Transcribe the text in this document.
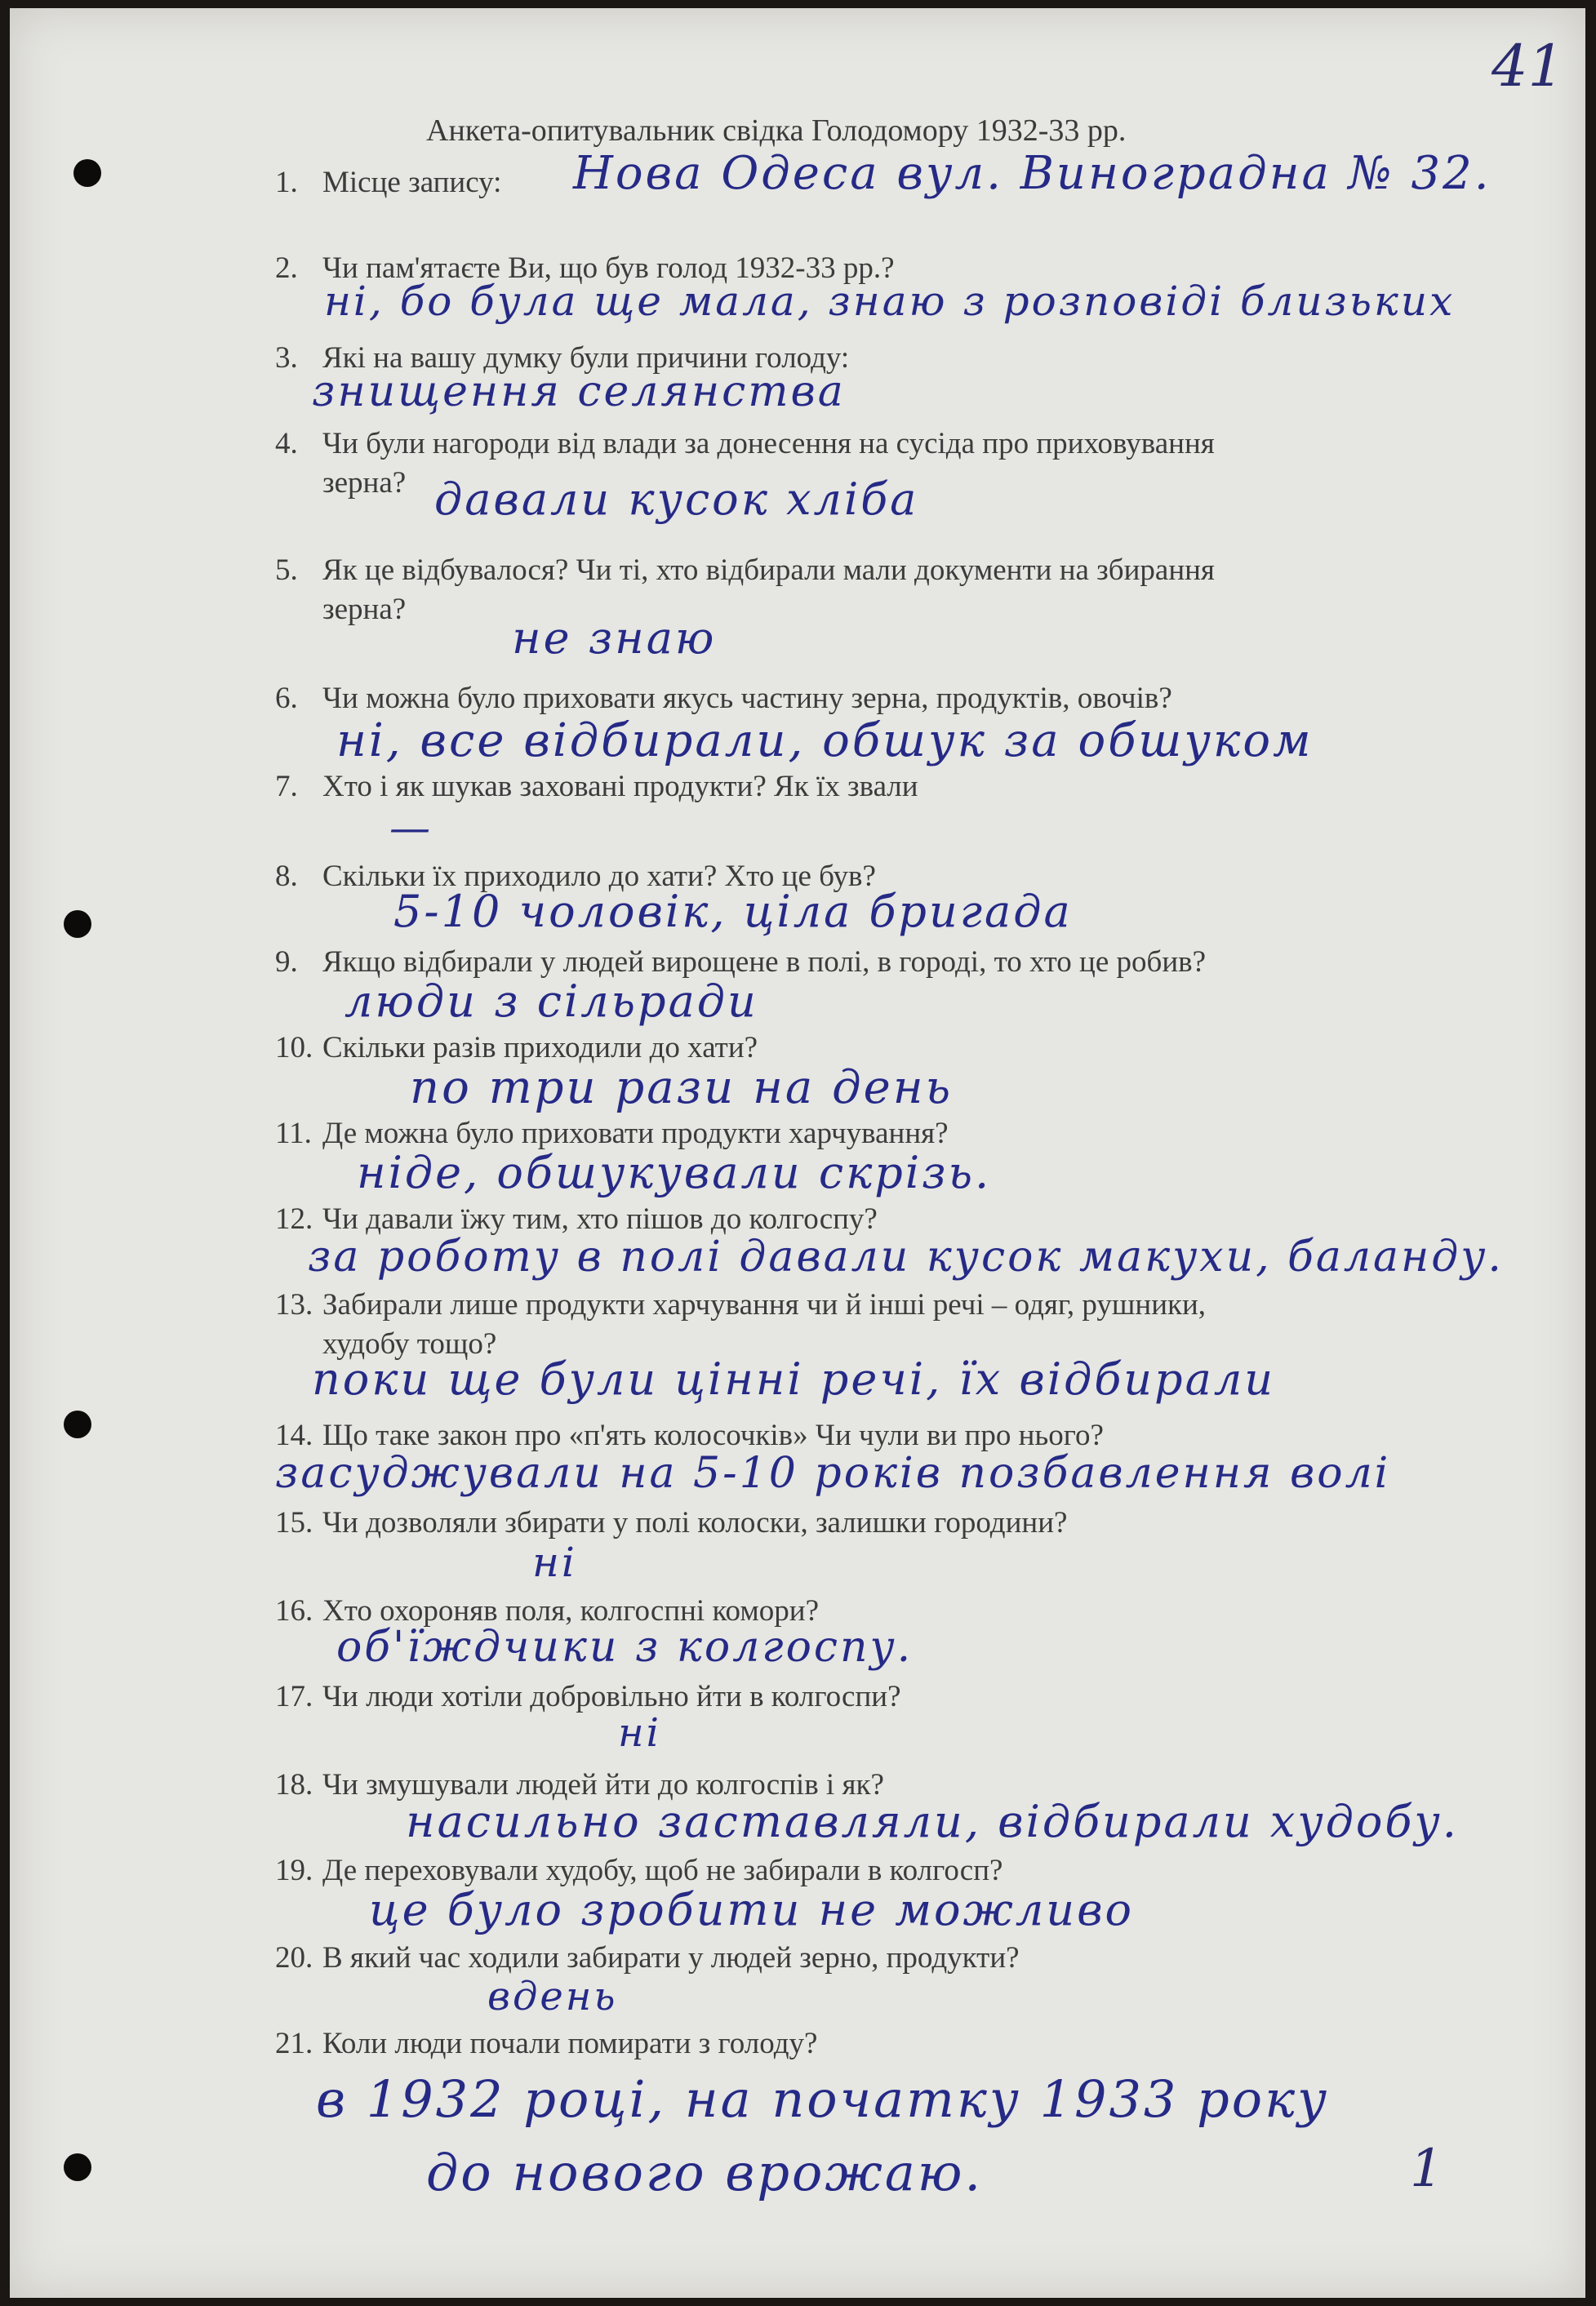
41
Анкета-опитувальник свідка Голодомору 1932-33 рр.
1. Місце запису: Нова Одеса вул. Виноградна № 32.
2. Чи пам'ятаєте Ви, що був голод 1932-33 рр.?
ні, бо була ще мала, знаю з розповіді близьких
3. Які на вашу думку були причини голоду:
знищення селянства
4. Чи були нагороди від влади за донесення на сусіда про приховування
зерна? давали кусок хліба
5. Як це відбувалося? Чи ті, хто відбирали мали документи на збирання
зерна?
не знаю
6. Чи можна було приховати якусь частину зерна, продуктів, овочів?
ні, все відбирали, обшук за обшуком
7. Хто і як шукав заховані продукти? Як їх звали
—
8. Скільки їх приходило до хати? Хто це був?
5-10 чоловік, ціла бригада
9. Якщо відбирали у людей вирощене в полі, в городі, то хто це робив?
люди з сільради
10. Скільки разів приходили до хати?
по три рази на день
11. Де можна було приховати продукти харчування?
ніде, обшукували скрізь.
12. Чи давали їжу тим, хто пішов до колгоспу?
за роботу в полі давали кусок макухи, баланду.
13. Забирали лише продукти харчування чи й інші речі – одяг, рушники,
худобу тощо?
поки ще були цінні речі, їх відбирали
14. Що таке закон про «п'ять колосочків» Чи чули ви про нього?
засуджували на 5-10 років позбавлення волі
15. Чи дозволяли збирати у полі колоски, залишки городини?
ні
16. Хто охороняв поля, колгоспні комори?
об'їждчики з колгоспу.
17. Чи люди хотіли добровільно йти в колгоспи?
ні
18. Чи змушували людей йти до колгоспів і як?
насильно заставляли, відбирали худобу.
19. Де переховували худобу, щоб не забирали в колгосп?
це було зробити не можливо
20. В який час ходили забирати у людей зерно, продукти?
вдень
21. Коли люди почали помирати з голоду?
в 1932 році, на початку 1933 року
до нового врожаю.	1
